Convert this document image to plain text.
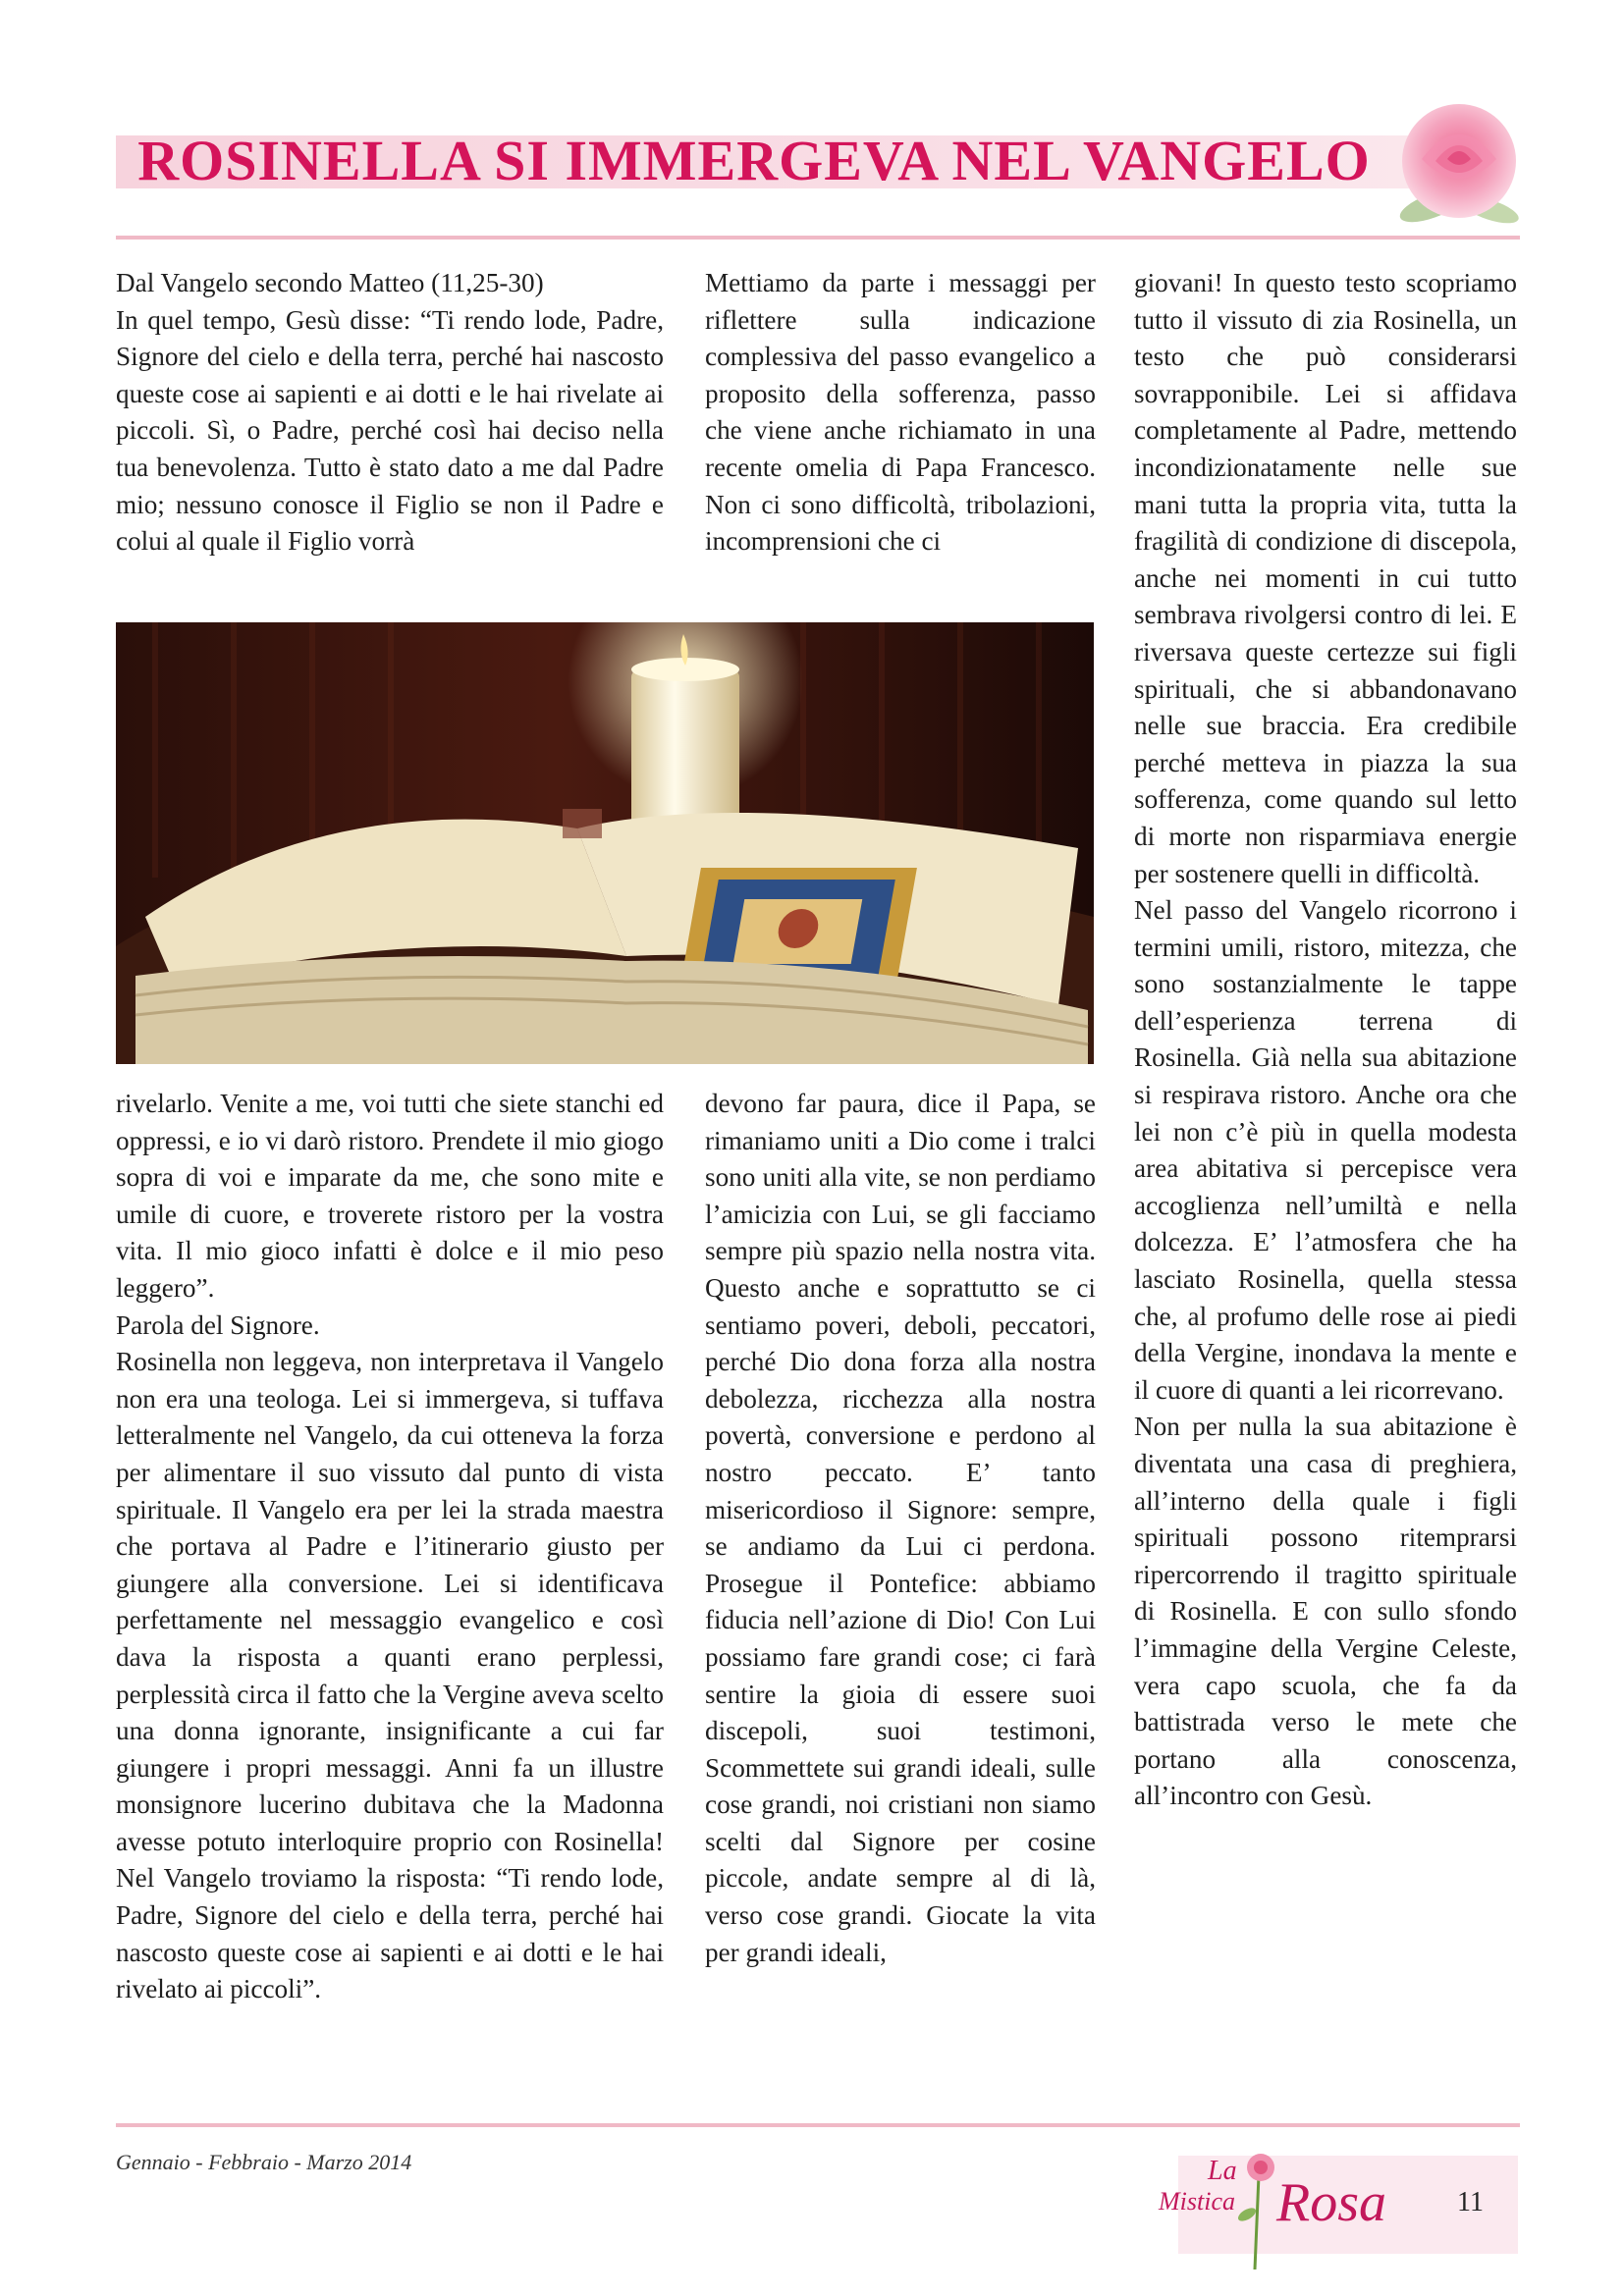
ROSINELLA SI IMMERGEVA NEL VANGELO

Dal Vangelo secondo Matteo (11,25-30)

In quel tempo, Gesù disse: “Ti rendo lode, Padre, Signore del cielo e della terra, perché hai nascosto queste cose ai sapienti e ai dotti e le hai rivelate ai piccoli. Sì, o Padre, perché così hai deciso nella tua benevolenza. Tutto è stato dato a me dal Padre mio; nessuno conosce il Figlio se non il Padre e colui al quale il Figlio vorrà

Mettiamo da parte i messaggi per riflettere sulla indicazione complessiva del passo evangelico a proposito della sofferenza, passo che viene anche richiamato in una recente omelia di Papa Francesco. Non ci sono difficoltà, tribolazioni, incomprensioni che ci

rivelarlo. Venite a me, voi tutti che siete stanchi ed oppressi, e io vi darò ristoro. Prendete il mio giogo sopra di voi e imparate da me, che sono mite e umile di cuore, e troverete ristoro per la vostra vita. Il mio gioco infatti è dolce e il mio peso leggero”.

Parola del Signore.

Rosinella non leggeva, non interpretava il Vangelo non era una teologa. Lei si immergeva, si tuffava letteralmente nel Vangelo, da cui otteneva la forza per alimentare il suo vissuto dal punto di vista spirituale. Il Vangelo era per lei la strada maestra che portava al Padre e l’itinerario giusto per giungere alla conversione. Lei si identificava perfettamente nel messaggio evangelico e così dava la risposta a quanti erano perplessi, perplessità circa il fatto che la Vergine aveva scelto una donna ignorante, insignificante a cui far giungere i propri messaggi. Anni fa un illustre monsignore lucerino dubitava che la Madonna avesse potuto interloquire proprio con Rosinella! Nel Vangelo troviamo la risposta: “Ti rendo lode, Padre, Signore del cielo e della terra, perché hai nascosto queste cose ai sapienti e ai dotti e le hai rivelato ai piccoli”.

devono far paura, dice il Papa, se rimaniamo uniti a Dio come i tralci sono uniti alla vite, se non perdiamo l’amicizia con Lui, se gli facciamo sempre più spazio nella nostra vita. Questo anche e soprattutto se ci sentiamo poveri, deboli, peccatori, perché Dio dona forza alla nostra debolezza, ricchezza alla nostra povertà, conversione e perdono al nostro peccato. E’ tanto misericordioso il Signore: sempre, se andiamo da Lui ci perdona. Prosegue il Pontefice: abbiamo fiducia nell’azione di Dio! Con Lui possiamo fare grandi cose; ci farà sentire la gioia di essere suoi discepoli, suoi testimoni, Scommettete sui grandi ideali, sulle cose grandi, noi cristiani non siamo scelti dal Signore per cosine piccole, andate sempre al di là, verso cose grandi. Giocate la vita per grandi ideali,

giovani! In questo testo scopriamo tutto il vissuto di zia Rosinella, un testo che può considerarsi sovrapponibile. Lei si affidava completamente al Padre, mettendo incondizionatamente nelle sue mani tutta la propria vita, tutta la fragilità di condizione di discepola, anche nei momenti in cui tutto sembrava rivolgersi contro di lei. E riversava queste certezze sui figli spirituali, che si abbandonavano nelle sue braccia. Era credibile perché metteva in piazza la sua sofferenza, come quando sul letto di morte non risparmiava energie per sostenere quelli in difficoltà.

Nel passo del Vangelo ricorrono i termini umili, ristoro, mitezza, che sono sostanzialmente le tappe dell’esperienza terrena di Rosinella. Già nella sua abitazione si respirava ristoro. Anche ora che lei non c’è più in quella modesta area abitativa si percepisce vera accoglienza nell’umiltà e nella dolcezza. E’ l’atmosfera che ha lasciato Rosinella, quella stessa che, al profumo delle rose ai piedi della Vergine, inondava la mente e il cuore di quanti a lei ricorrevano.

Non per nulla la sua abitazione è diventata una casa di preghiera, all’interno della quale i figli spirituali possono ritemprarsi ripercorrendo il tragitto spirituale di Rosinella. E con sullo sfondo l’immagine della Vergine Celeste, vera capo scuola, che fa da battistrada verso le mete che portano alla conoscenza, all’incontro con Gesù.

Gennaio - Febbraio - Marzo 2014	La
Mistica Rosa	11
